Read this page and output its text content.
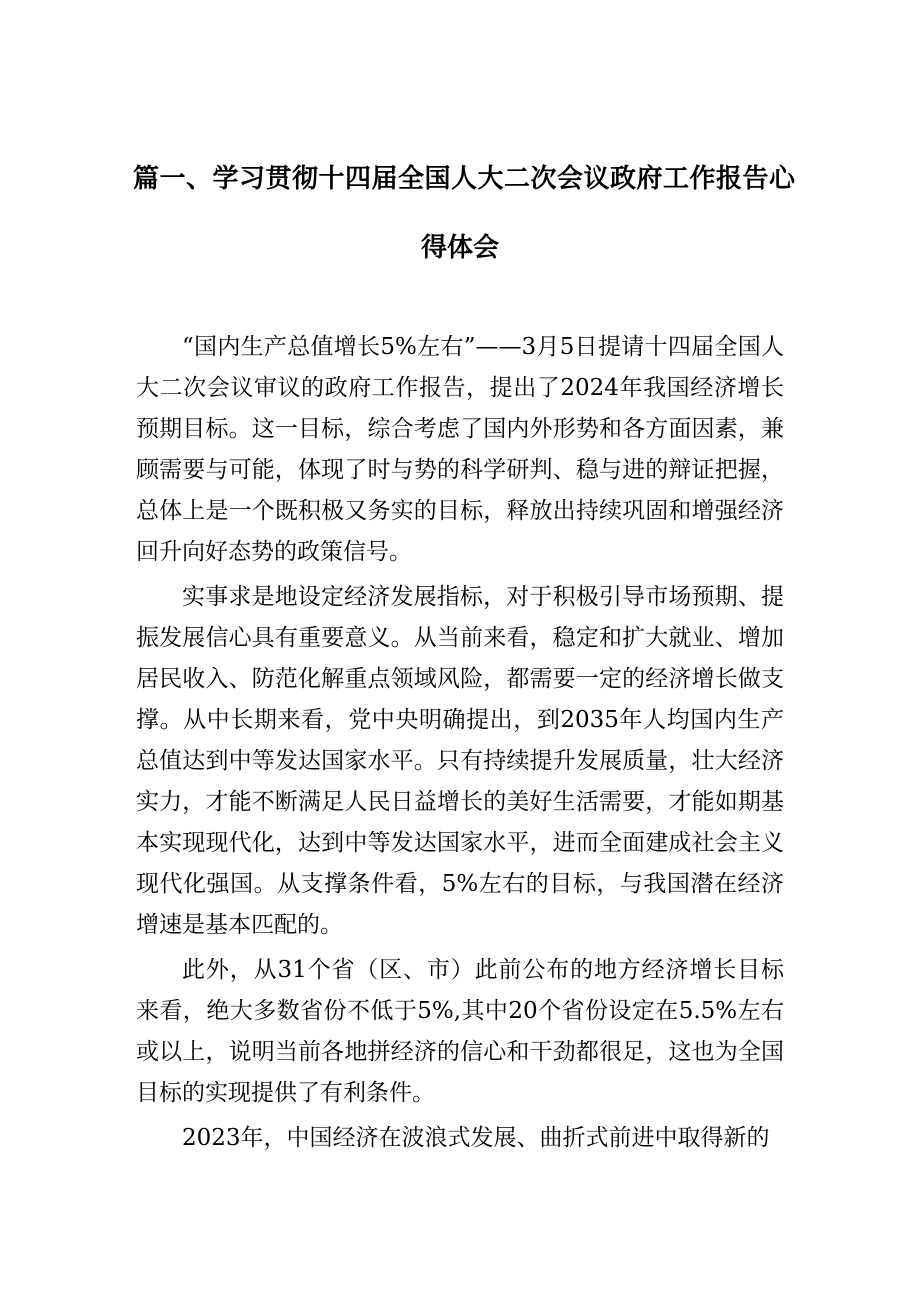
篇一、学习贯彻十四届全国人大二次会议政府工作报告心
得体会

“国内生产总值增长5%左右”——3月5日提请十四届全国人大二次会议审议的政府工作报告，提出了2024年我国经济增长预期目标。这一目标，综合考虑了国内外形势和各方面因素，兼顾需要与可能，体现了时与势的科学研判、稳与进的辩证把握，总体上是一个既积极又务实的目标，释放出持续巩固和增强经济回升向好态势的政策信号。

实事求是地设定经济发展指标，对于积极引导市场预期、提振发展信心具有重要意义。从当前来看，稳定和扩大就业、增加居民收入、防范化解重点领域风险，都需要一定的经济增长做支撑。从中长期来看，党中央明确提出，到2035年人均国内生产总值达到中等发达国家水平。只有持续提升发展质量，壮大经济实力，才能不断满足人民日益增长的美好生活需要，才能如期基本实现现代化，达到中等发达国家水平，进而全面建成社会主义现代化强国。从支撑条件看，5%左右的目标，与我国潜在经济增速是基本匹配的。

此外，从31个省（区、市）此前公布的地方经济增长目标来看，绝大多数省份不低于5%,其中20个省份设定在5.5%左右或以上，说明当前各地拼经济的信心和干劲都很足，这也为全国目标的实现提供了有利条件。

2023年，中国经济在波浪式发展、曲折式前进中取得新的
